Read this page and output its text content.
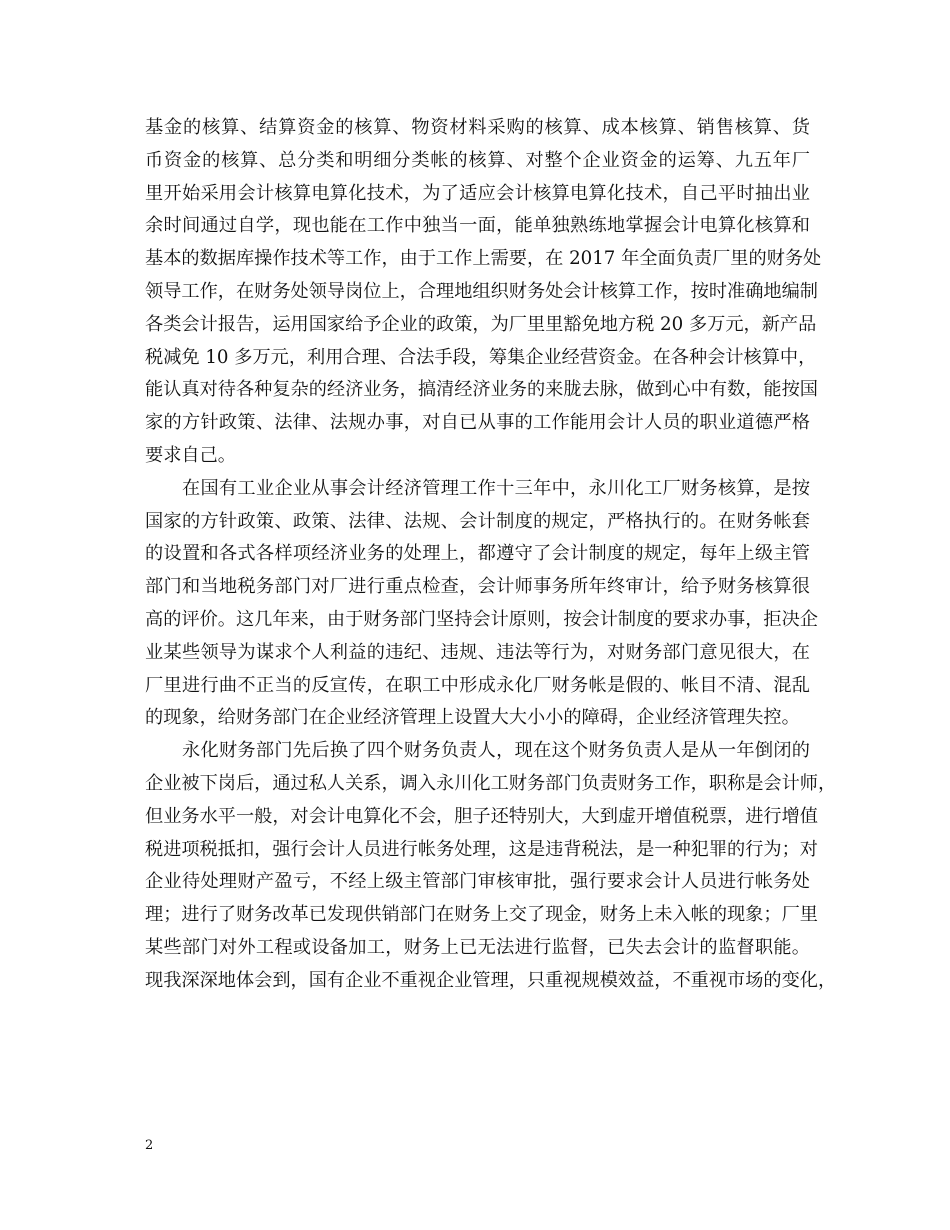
基金的核算、结算资金的核算、物资材料采购的核算、成本核算、销售核算、货
币资金的核算、总分类和明细分类帐的核算、对整个企业资金的运筹、九五年厂
里开始采用会计核算电算化技术，为了适应会计核算电算化技术，自己平时抽出业
余时间通过自学，现也能在工作中独当一面，能单独熟练地掌握会计电算化核算和
基本的数据库操作技术等工作，由于工作上需要，在 2017 年全面负责厂里的财务处
领导工作，在财务处领导岗位上，合理地组织财务处会计核算工作，按时准确地编制
各类会计报告，运用国家给予企业的政策，为厂里里豁免地方税 20 多万元，新产品
税减免 10 多万元，利用合理、合法手段，筹集企业经营资金。在各种会计核算中，
能认真对待各种复杂的经济业务，搞清经济业务的来胧去脉，做到心中有数，能按国
家的方针政策、法律、法规办事，对自已从事的工作能用会计人员的职业道德严格
要求自己。
在国有工业企业从事会计经济管理工作十三年中，永川化工厂财务核算，是按
国家的方针政策、政策、法律、法规、会计制度的规定，严格执行的。在财务帐套
的设置和各式各样项经济业务的处理上，都遵守了会计制度的规定，每年上级主管
部门和当地税务部门对厂进行重点检查，会计师事务所年终审计，给予财务核算很
高的评价。这几年来，由于财务部门坚持会计原则，按会计制度的要求办事，拒决企
业某些领导为谋求个人利益的违纪、违规、违法等行为，对财务部门意见很大，在
厂里进行曲不正当的反宣传，在职工中形成永化厂财务帐是假的、帐目不清、混乱
的现象，给财务部门在企业经济管理上设置大大小小的障碍，企业经济管理失控。
永化财务部门先后换了四个财务负责人，现在这个财务负责人是从一年倒闭的
企业被下岗后，通过私人关系，调入永川化工财务部门负责财务工作，职称是会计师，
但业务水平一般，对会计电算化不会，胆子还特别大，大到虚开增值税票，进行增值
税进项税抵扣，强行会计人员进行帐务处理，这是违背税法，是一种犯罪的行为；对
企业待处理财产盈亏，不经上级主管部门审核审批，强行要求会计人员进行帐务处
理；进行了财务改革已发现供销部门在财务上交了现金，财务上未入帐的现象；厂里
某些部门对外工程或设备加工，财务上已无法进行监督，已失去会计的监督职能。
现我深深地体会到，国有企业不重视企业管理，只重视规模效益，不重视市场的变化，
2
